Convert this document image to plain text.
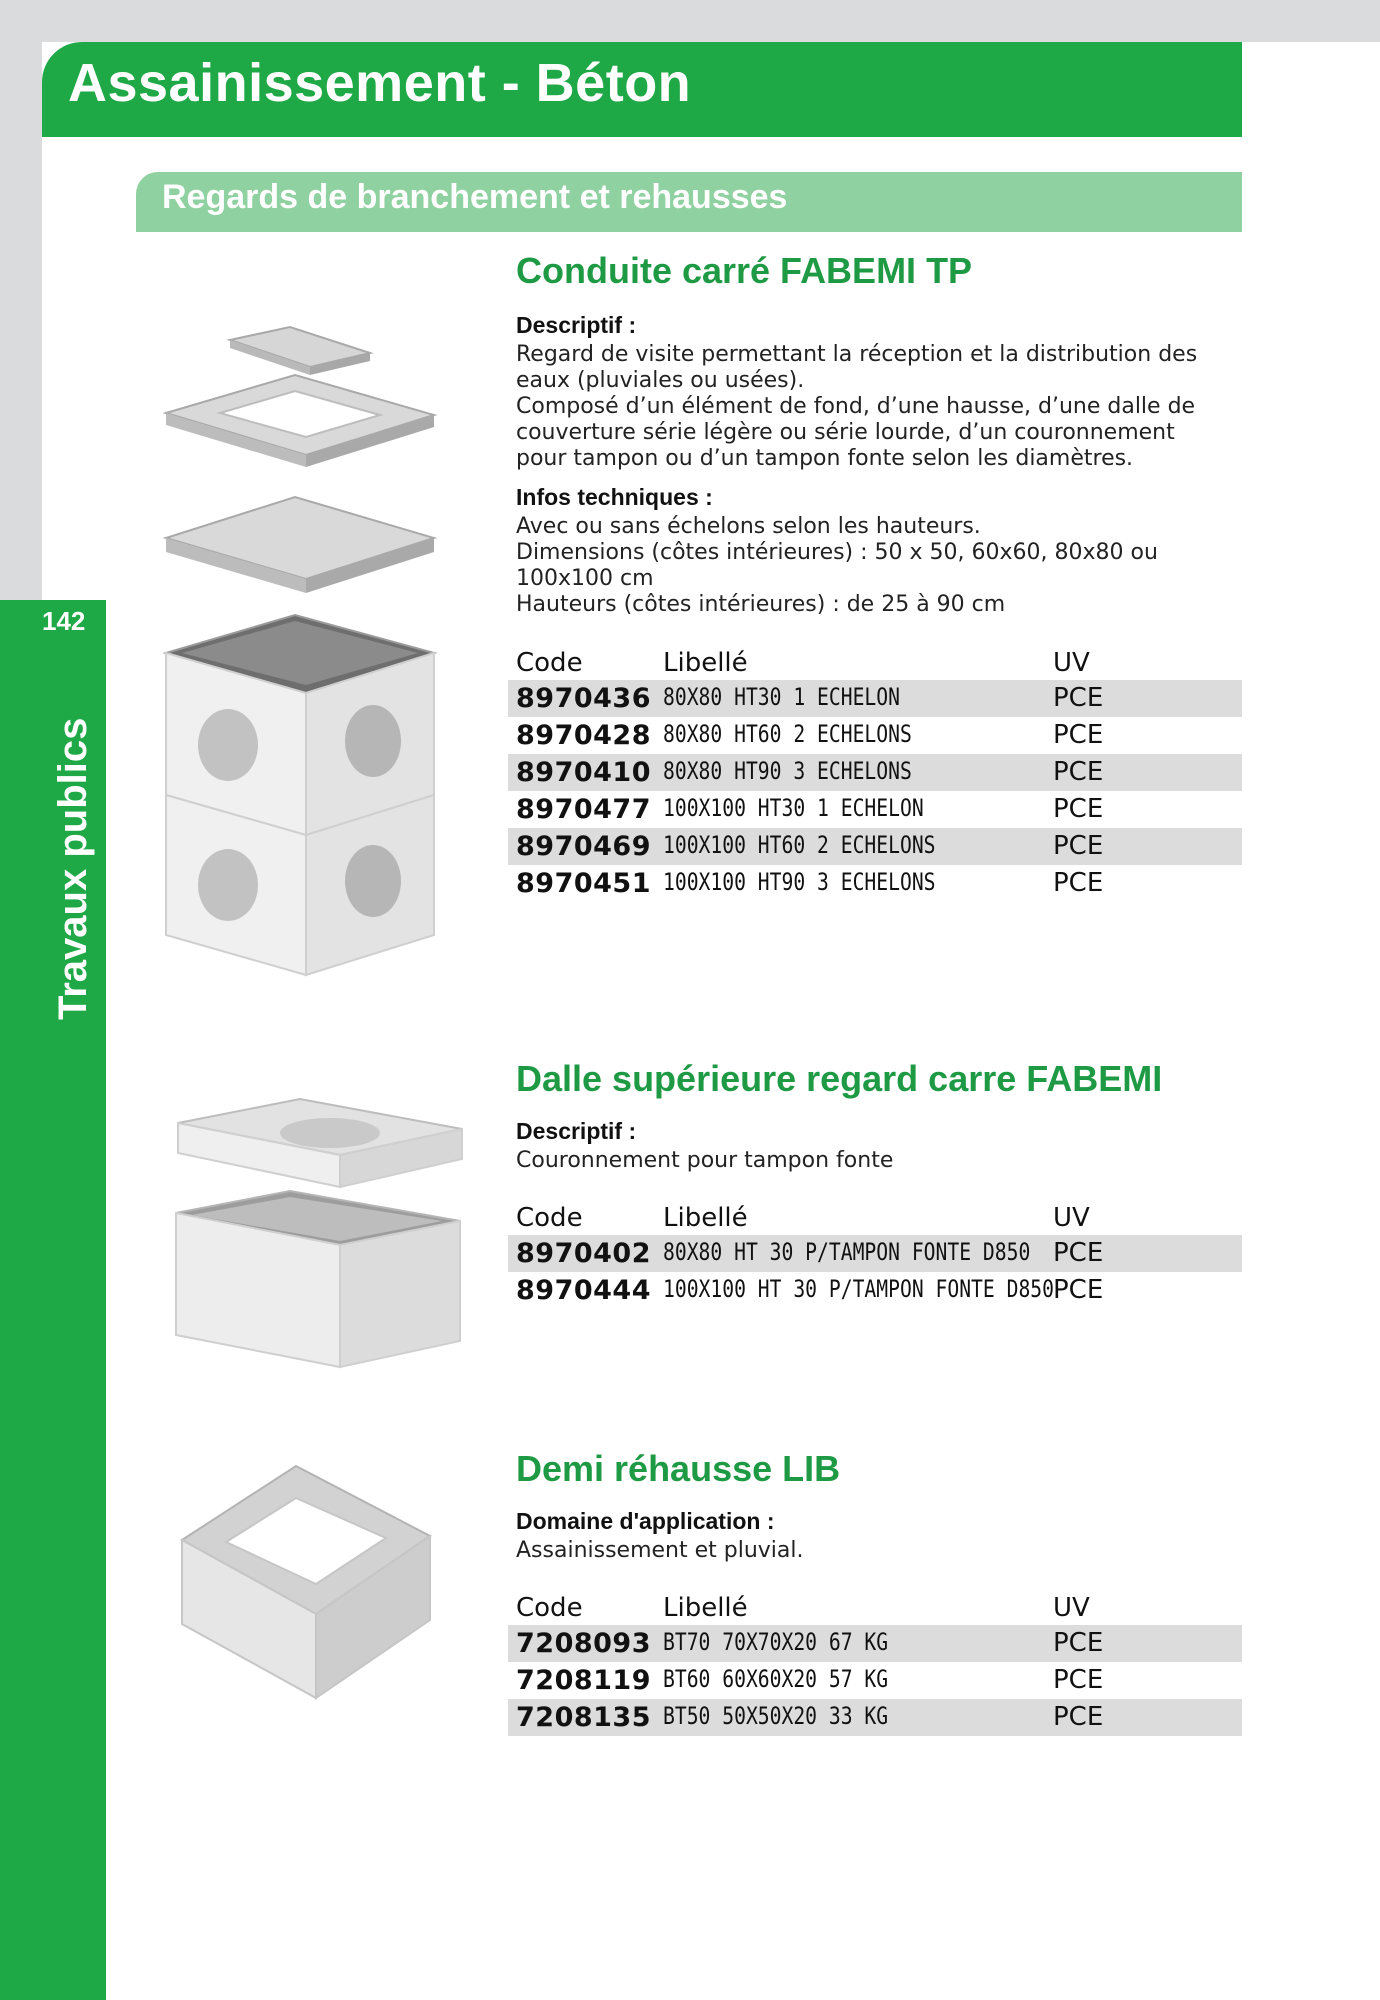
142
Travaux publics
Assainissement - Béton
Regards de branchement et rehausses
Conduite carré FABEMI TP
Descriptif :
Regard de visite permettant la réception et la distribution des
eaux (pluviales ou usées).
Composé d’un élément de fond, d’une hausse, d’une dalle de
couverture série légère ou série lourde, d’un couronnement
pour tampon ou d’un tampon fonte selon les diamètres.
Infos techniques :
Avec ou sans échelons selon les hauteurs.
Dimensions (côtes intérieures) : 50 x 50, 60x60, 80x80 ou
100x100 cm
Hauteurs (côtes intérieures) : de 25 à 90 cm
Code	Libellé	UV
8970436 80X80 HT30 1 ECHELON	PCE
8970428 80X80 HT60 2 ECHELONS	PCE
8970410 80X80 HT90 3 ECHELONS	PCE
8970477 100X100 HT30 1 ECHELON	PCE
8970469 100X100 HT60 2 ECHELONS	PCE
8970451 100X100 HT90 3 ECHELONS	PCE
Dalle supérieure regard carre FABEMI
Descriptif :
Couronnement pour tampon fonte
Code	Libellé	UV
8970402 80X80 HT 30 P/TAMPON FONTE D850 PCE
8970444 100X100 HT 30 P/TAMPON FONTE D850 PCE
Demi réhausse LIB
Domaine d'application :
Assainissement et pluvial.
Code	Libellé	UV
7208093 BT70 70X70X20 67 KG	PCE
7208119 BT60 60X60X20 57 KG	PCE
7208135 BT50 50X50X20 33 KG	PCE
